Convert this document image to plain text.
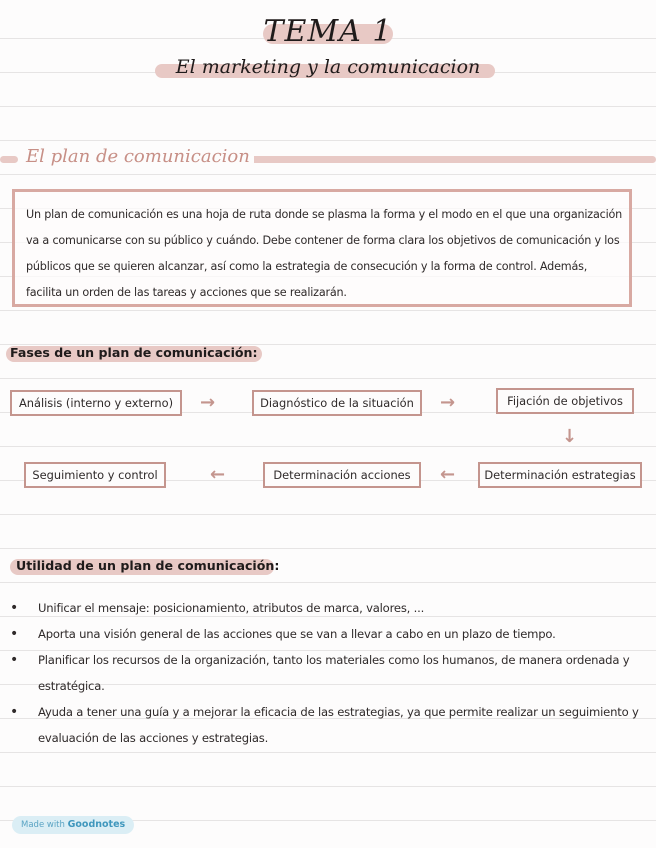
TEMA 1
El marketing y la comunicacion
El plan de comunicacion
Un plan de comunicación es una hoja de ruta donde se plasma la forma y el modo en el que una organización va a comunicarse con su público y cuándo. Debe contener de forma clara los objetivos de comunicación y los públicos que se quieren alcanzar, así como la estrategia de consecución y la forma de control. Además, facilita un orden de las tareas y acciones que se realizarán.
Fases de un plan de comunicación:
Análisis (interno y externo)	→	Diagnóstico de la situación	→	Fijación de objetivos
↓
Determinación estrategias
←
Determinación acciones
←
Seguimiento y control
Utilidad de un plan de comunicación:
• Unificar el mensaje: posicionamiento, atributos de marca, valores, ...
• Aporta una visión general de las acciones que se van a llevar a cabo en un plazo de tiempo.
• Planificar los recursos de la organización, tanto los materiales como los humanos, de manera ordenada y estratégica.
• Ayuda a tener una guía y a mejorar la eficacia de las estrategias, ya que permite realizar un seguimiento y evaluación de las acciones y estrategias.
Made with Goodnotes
